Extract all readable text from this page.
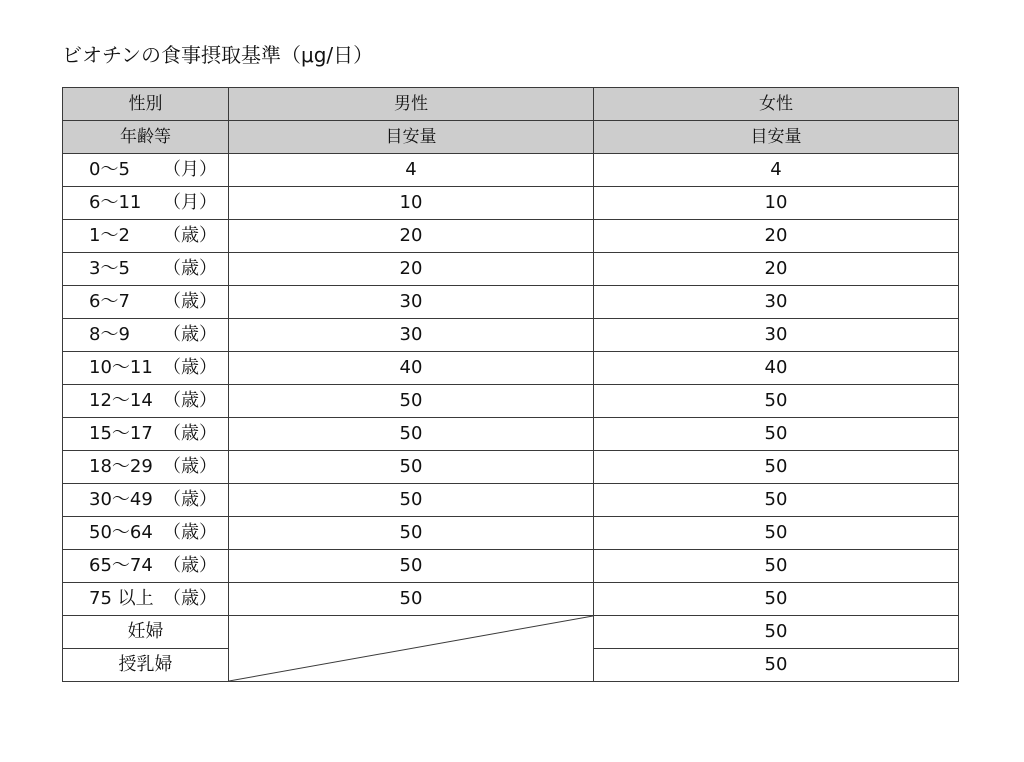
ビオチンの食事摂取基準（μg/日）
性別	男性	女性
年齢等	目安量	目安量
0～5 （月）	4	4
6～11 （月）	10	10
1～2 （歳）	20	20
3～5 （歳）	20	20
6～7 （歳）	30	30
8～9 （歳）	30	30
10～11 （歳）	40	40
12～14 （歳）	50	50
15～17 （歳）	50	50
18～29 （歳）	50	50
30～49 （歳）	50	50
50～64 （歳）	50	50
65～74 （歳）	50	50
75 以上 （歳）	50	50
妊婦		50
授乳婦		50
